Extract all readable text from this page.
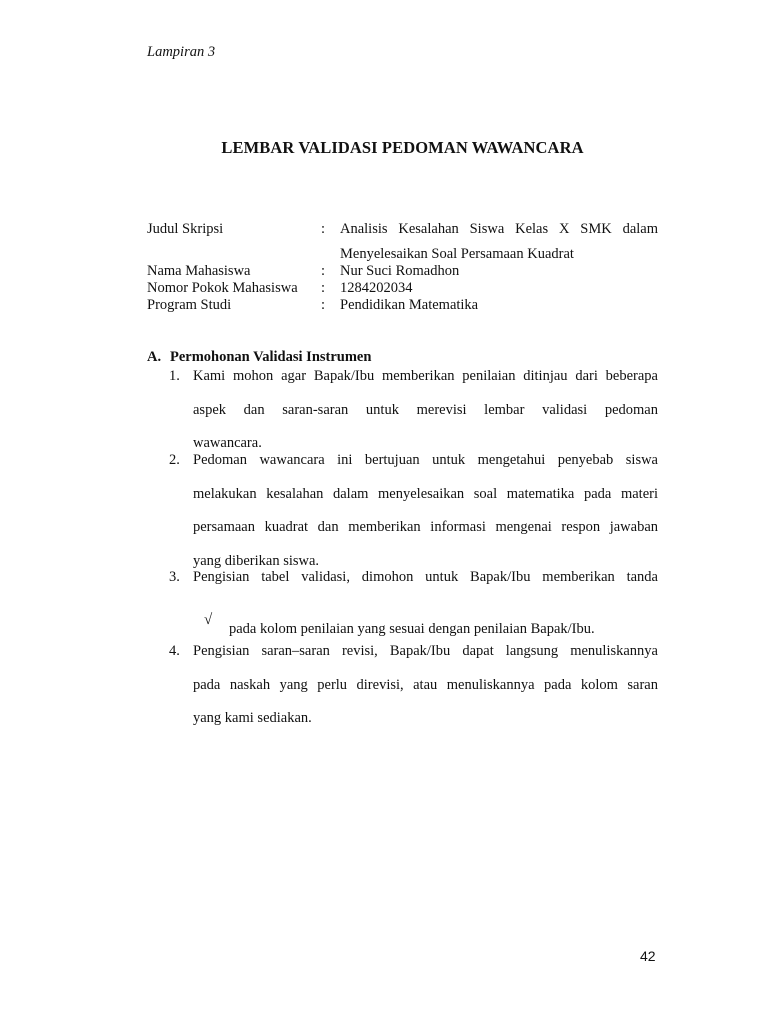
Lampiran 3
LEMBAR VALIDASI PEDOMAN WAWANCARA
Judul Skripsi	: Analisis Kesalahan Siswa Kelas X SMK dalam
Menyelesaikan Soal Persamaan Kuadrat
Nama Mahasiswa	: Nur Suci Romadhon
Nomor Pokok Mahasiswa : 1284202034
Program Studi	: Pendidikan Matematika
A. Permohonan Validasi Instrumen
1. Kami mohon agar Bapak/Ibu memberikan penilaian ditinjau dari beberapa
aspek dan saran-saran untuk merevisi lembar validasi pedoman
wawancara.
2. Pedoman wawancara ini bertujuan untuk mengetahui penyebab siswa
melakukan kesalahan dalam menyelesaikan soal matematika pada materi
persamaan kuadrat dan memberikan informasi mengenai respon jawaban
yang diberikan siswa.
3. Pengisian tabel validasi, dimohon untuk Bapak/Ibu memberikan tanda
√
pada kolom penilaian yang sesuai dengan penilaian Bapak/Ibu.
4. Pengisian saran–saran revisi, Bapak/Ibu dapat langsung menuliskannya
pada naskah yang perlu direvisi, atau menuliskannya pada kolom saran
yang kami sediakan.
42
